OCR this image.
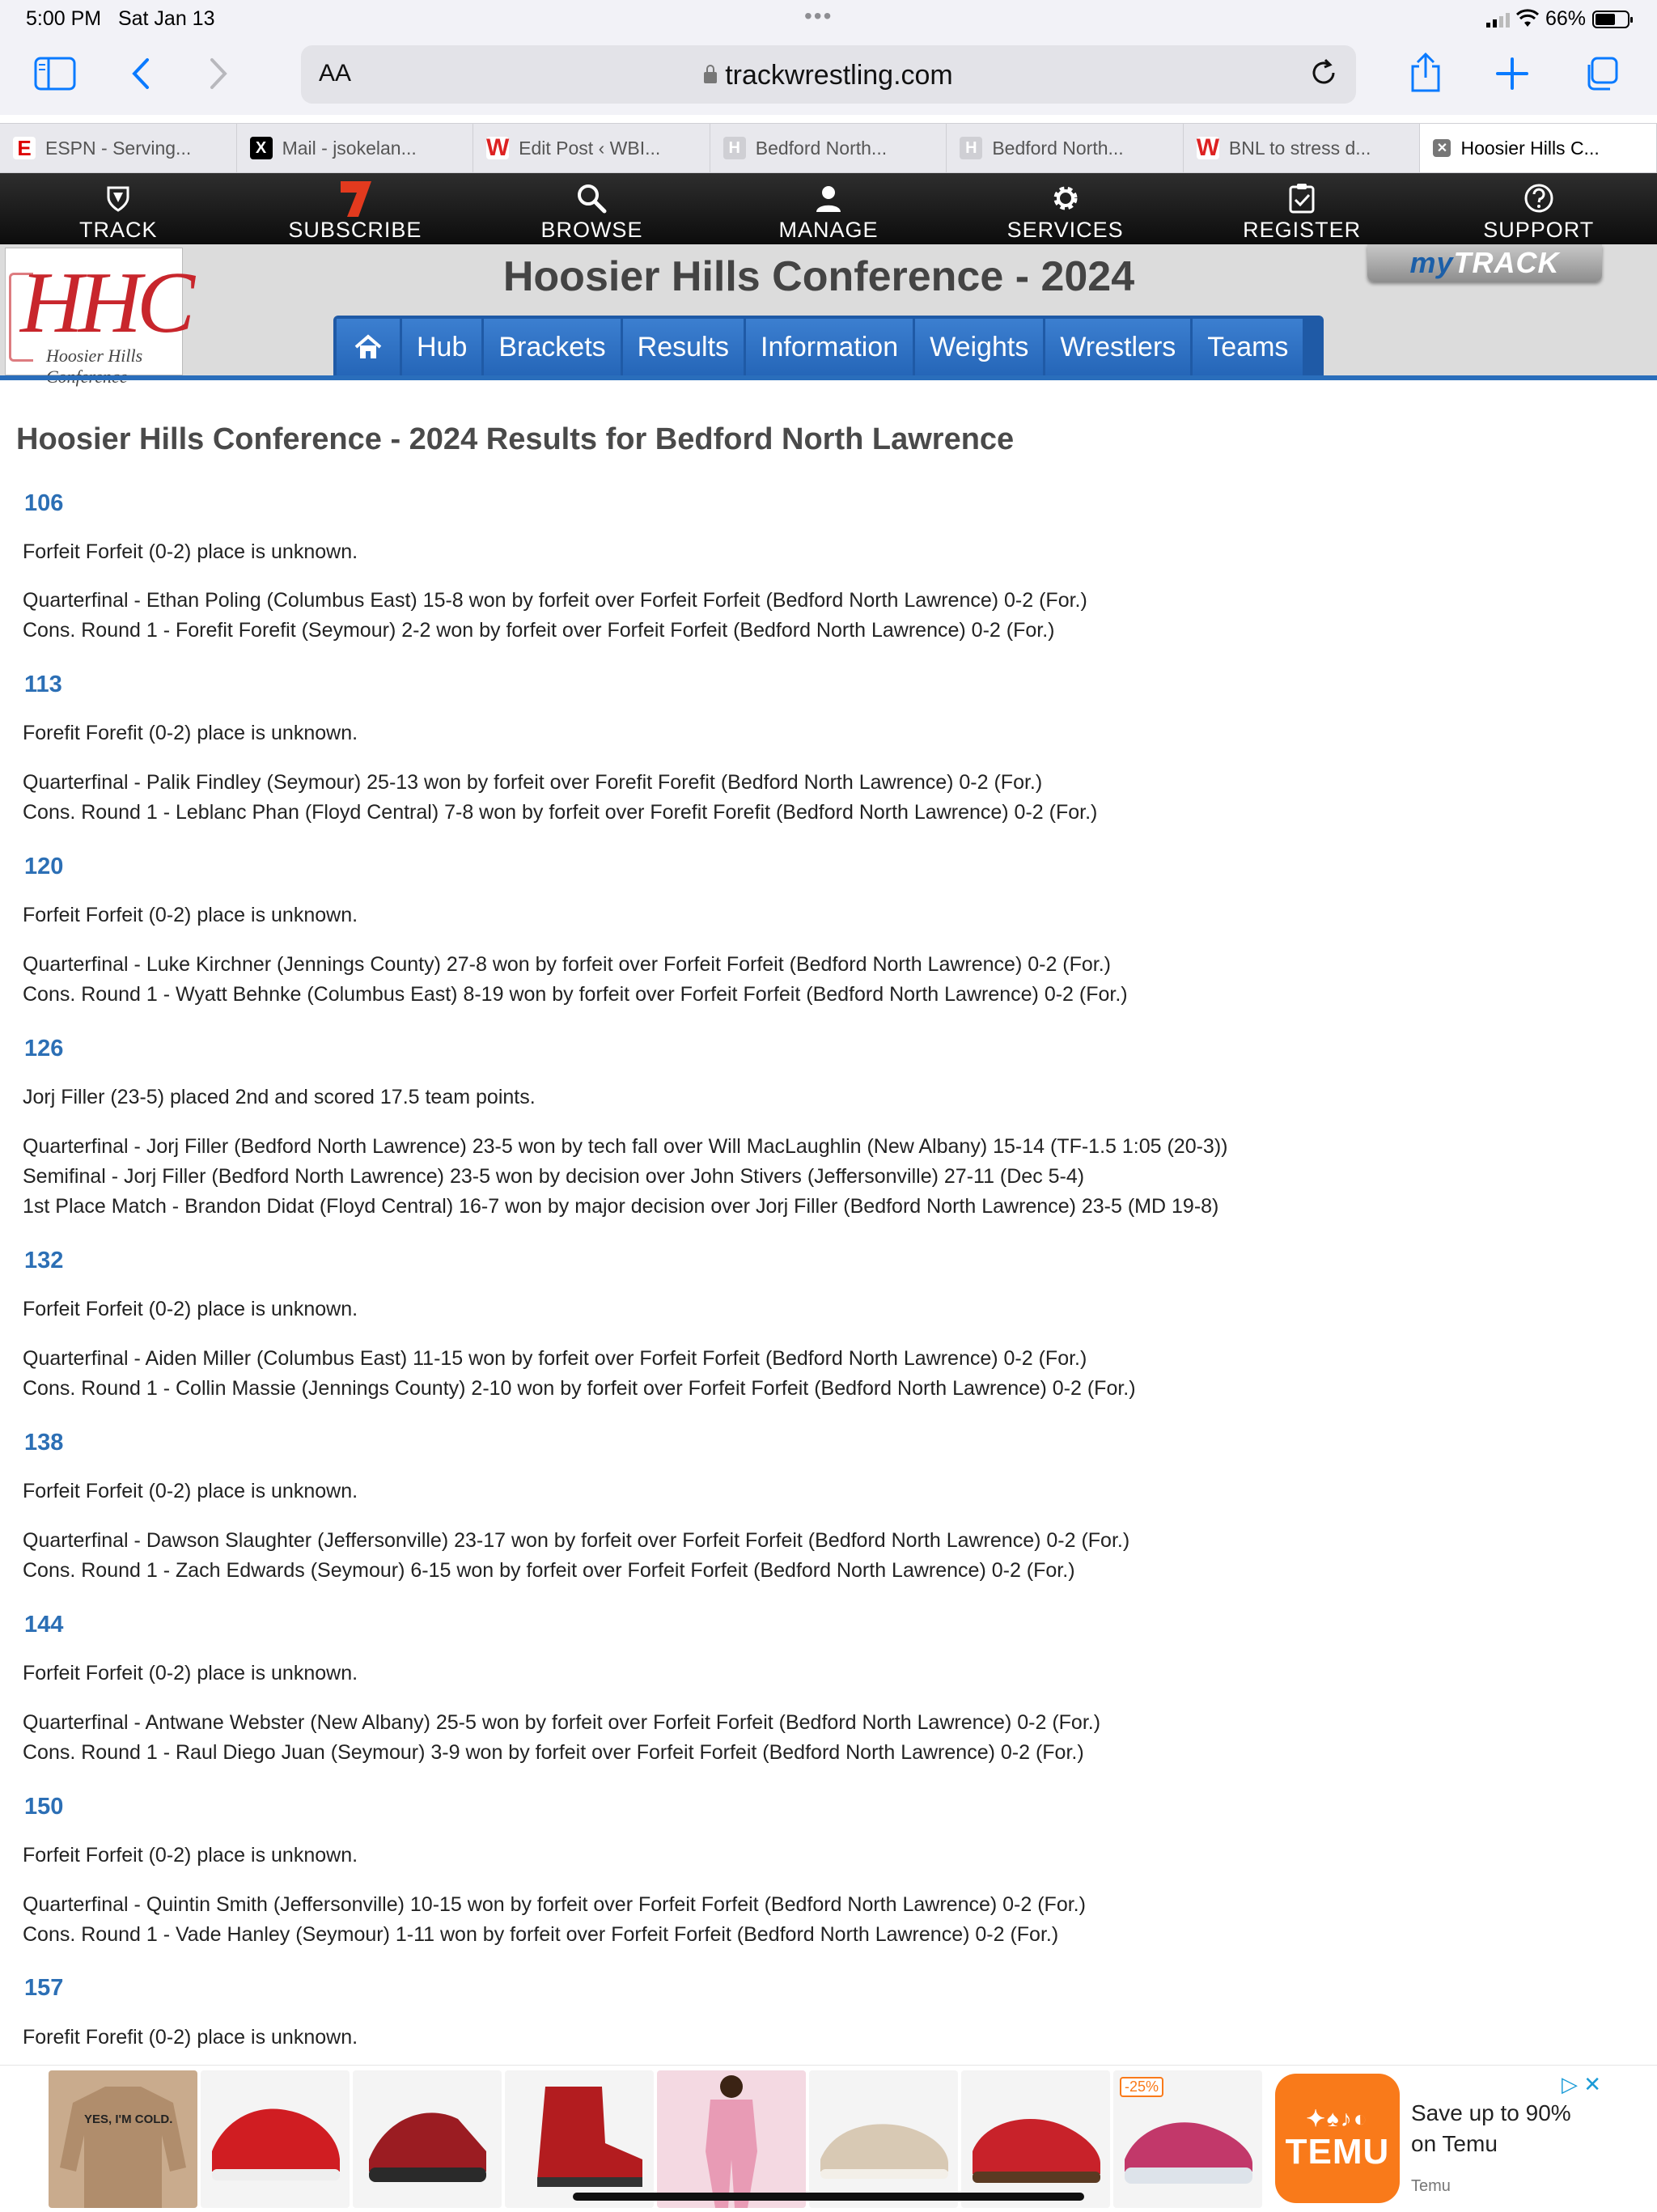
5:00 PM Sat Jan 13	•••	66%
AA	trackwrestling.com
E ESPN - Serving...	X Mail - jsokelan...	W Edit Post ‹ WBI...	H Bedford North...	H Bedford North...	W BNL to stress d...	✕ Hoosier Hills C...
TRACK	SUBSCRIBE	BROWSE	MANAGE	SERVICES	REGISTER	SUPPORT
HHC
Hoosier Hills
Hoosier Hills Conference - 2024	myTRACK
Hub	Brackets	Results	Information	Weights	Wrestlers	Teams
Hoosier Hills Conference - 2024 Results for Bedford North Lawrence
106
Forfeit Forfeit (0-2) place is unknown.
Quarterfinal - Ethan Poling (Columbus East) 15-8 won by forfeit over Forfeit Forfeit (Bedford North Lawrence) 0-2 (For.)
Cons. Round 1 - Forefit Forefit (Seymour) 2-2 won by forfeit over Forfeit Forfeit (Bedford North Lawrence) 0-2 (For.)
113
Forefit Forefit (0-2) place is unknown.
Quarterfinal - Palik Findley (Seymour) 25-13 won by forfeit over Forefit Forefit (Bedford North Lawrence) 0-2 (For.)
Cons. Round 1 - Leblanc Phan (Floyd Central) 7-8 won by forfeit over Forefit Forefit (Bedford North Lawrence) 0-2 (For.)
120
Forfeit Forfeit (0-2) place is unknown.
Quarterfinal - Luke Kirchner (Jennings County) 27-8 won by forfeit over Forfeit Forfeit (Bedford North Lawrence) 0-2 (For.)
Cons. Round 1 - Wyatt Behnke (Columbus East) 8-19 won by forfeit over Forfeit Forfeit (Bedford North Lawrence) 0-2 (For.)
126
Jorj Filler (23-5) placed 2nd and scored 17.5 team points.
Quarterfinal - Jorj Filler (Bedford North Lawrence) 23-5 won by tech fall over Will MacLaughlin (New Albany) 15-14 (TF-1.5 1:05 (20-3))
Semifinal - Jorj Filler (Bedford North Lawrence) 23-5 won by decision over John Stivers (Jeffersonville) 27-11 (Dec 5-4)
1st Place Match - Brandon Didat (Floyd Central) 16-7 won by major decision over Jorj Filler (Bedford North Lawrence) 23-5 (MD 19-8)
132
Forfeit Forfeit (0-2) place is unknown.
Quarterfinal - Aiden Miller (Columbus East) 11-15 won by forfeit over Forfeit Forfeit (Bedford North Lawrence) 0-2 (For.)
Cons. Round 1 - Collin Massie (Jennings County) 2-10 won by forfeit over Forfeit Forfeit (Bedford North Lawrence) 0-2 (For.)
138
Forfeit Forfeit (0-2) place is unknown.
Quarterfinal - Dawson Slaughter (Jeffersonville) 23-17 won by forfeit over Forfeit Forfeit (Bedford North Lawrence) 0-2 (For.)
Cons. Round 1 - Zach Edwards (Seymour) 6-15 won by forfeit over Forfeit Forfeit (Bedford North Lawrence) 0-2 (For.)
144
Forfeit Forfeit (0-2) place is unknown.
Quarterfinal - Antwane Webster (New Albany) 25-5 won by forfeit over Forfeit Forfeit (Bedford North Lawrence) 0-2 (For.)
Cons. Round 1 - Raul Diego Juan (Seymour) 3-9 won by forfeit over Forfeit Forfeit (Bedford North Lawrence) 0-2 (For.)
150
Forfeit Forfeit (0-2) place is unknown.
Quarterfinal - Quintin Smith (Jeffersonville) 10-15 won by forfeit over Forfeit Forfeit (Bedford North Lawrence) 0-2 (For.)
Cons. Round 1 - Vade Hanley (Seymour) 1-11 won by forfeit over Forfeit Forfeit (Bedford North Lawrence) 0-2 (For.)
157
Forefit Forefit (0-2) place is unknown.
YES, I'M COLD.
-25%
✦♠♪◐
TEMU
Save up to 90% on Temu
Temu
▷ ✕
